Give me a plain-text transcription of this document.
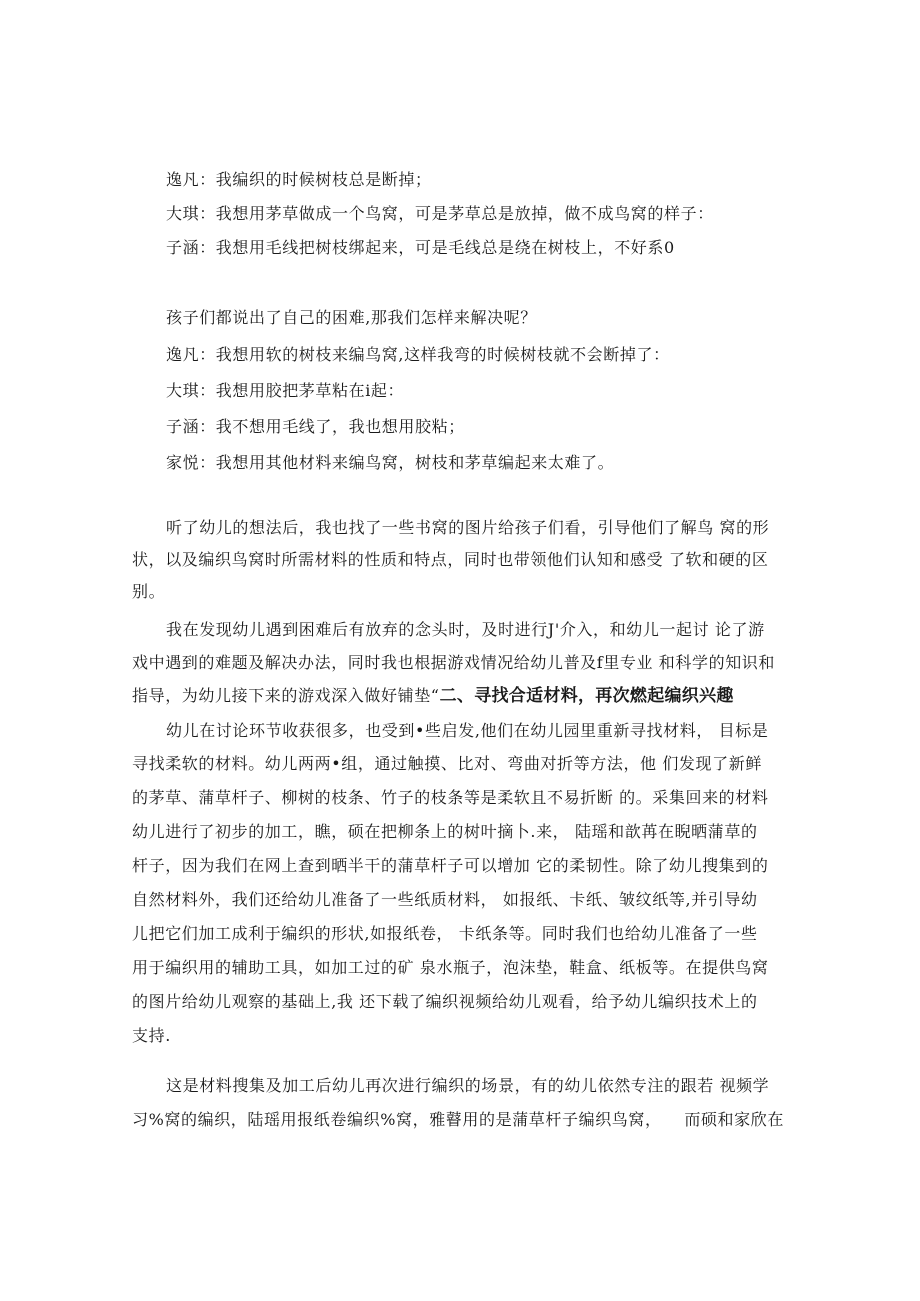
逸凡：我编织的时候树枝总是断掉；
大琪：我想用茅草做成一个鸟窝，可是茅草总是放掉，做不成鸟窝的样子：
子涵：我想用毛线把树枝绑起来，可是毛线总是绕在树枝上，不好系0
孩子们都说出了自己的困难,那我们怎样来解决呢？
逸凡：我想用软的树枝来编鸟窝,这样我弯的时候树枝就不会断掉了：
大琪：我想用胶把茅草粘在i起：
子涵：我不想用毛线了，我也想用胶粘；
家悦：我想用其他材料来编鸟窝，树枝和茅草编起来太难了。
听了幼儿的想法后，我也找了一些书窝的图片给孩子们看，引导他们了解鸟 窝的形
状，以及编织鸟窝时所需材料的性质和特点，同时也带领他们认知和感受 了软和硬的区
别。
我在发现幼儿遇到困难后有放弃的念头时，及时进行J'介入，和幼儿一起讨 论了游
戏中遇到的难题及解决办法，同时我也根据游戏情况给幼儿普及f里专业 和科学的知识和
指导，为幼儿接下来的游戏深入做好铺垫“二、寻找合适材料，再次燃起编织兴趣
幼儿在讨论环节收获很多，也受到•些启发,他们在幼儿园里重新寻找材料， 目标是
寻找柔软的材料。幼儿两两•组，通过触摸、比对、弯曲对折等方法，他 们发现了新鲜
的茅草、蒲草杆子、柳树的枝条、竹子的枝条等是柔软且不易折断 的。采集回来的材料
幼儿进行了初步的加工，瞧，硕在把柳条上的树叶摘卜.来， 陆瑶和歆苒在睨晒蒲草的
杆子，因为我们在网上查到晒半干的蒲草杆子可以增加 它的柔韧性。除了幼儿搜集到的
自然材料外，我们还给幼儿准备了一些纸质材料， 如报纸、卡纸、皱纹纸等,并引导幼
儿把它们加工成利于编织的形状,如报纸卷， 卡纸条等。同时我们也给幼儿准备了一些
用于编织用的辅助工具，如加工过的矿 泉水瓶子，泡沫垫，鞋盒、纸板等。在提供鸟窝
的图片给幼儿观察的基础上,我 还下载了编织视频给幼儿观看，给予幼儿编织技术上的
支持.
这是材料搜集及加工后幼儿再次进行编织的场景，有的幼儿依然专注的跟若 视频学
习%窝的编织，陆瑶用报纸卷编织%窝，雅瞽用的是蒲草杆子编织鸟窝，    而硕和家欣在
